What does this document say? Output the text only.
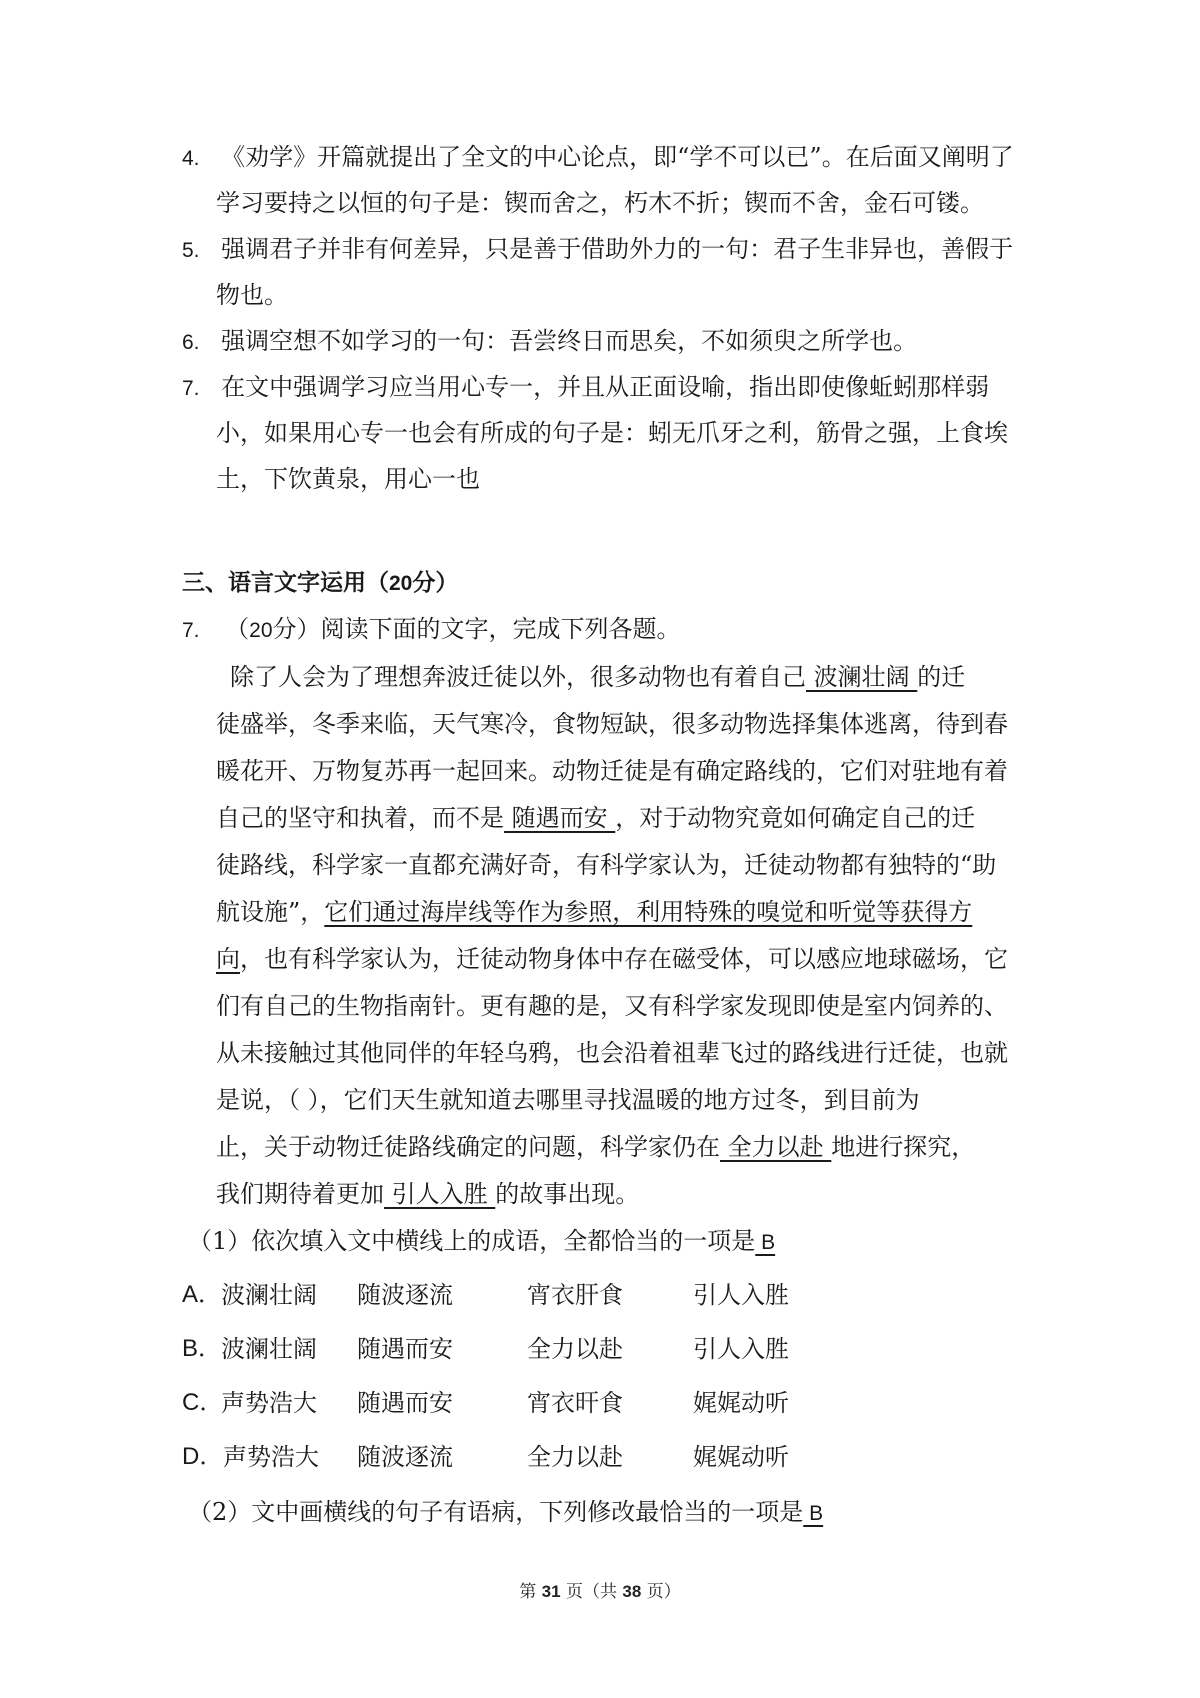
4. 《劝学》开篇就提出了全文的中心论点，即“学不可以已”。在后面又阐明了
学习要持之以恒的句子是：锲而舍之，朽木不折；锲而不舍，金石可镂。
5. 强调君子并非有何差异，只是善于借助外力的一句：君子生非异也，善假于
物也。
6. 强调空想不如学习的一句：吾尝终日而思矣，不如须臾之所学也。
7. 在文中强调学习应当用心专一，并且从正面设喻，指出即使像蚯蚓那样弱
小，如果用心专一也会有所成的句子是：蚓无爪牙之利，筋骨之强，上食埃
土，下饮黄泉，用心一也
三、语言文字运用（20分）
7. （20分）阅读下面的文字，完成下列各题。
除了人会为了理想奔波迁徒以外，很多动物也有着自己 波澜壮阔 的迁
徒盛举，冬季来临，天气寒冷，食物短缺，很多动物选择集体逃离，待到春
暖花开、万物复苏再一起回来。动物迁徒是有确定路线的，它们对驻地有着
自己的坚守和执着，而不是 随遇而安 ，对于动物究竟如何确定自己的迁
徒路线，科学家一直都充满好奇，有科学家认为，迁徒动物都有独特的“助
航设施”，它们通过海岸线等作为参照，利用特殊的嗅觉和听觉等获得方
向，也有科学家认为，迁徒动物身体中存在磁受体，可以感应地球磁场，它
们有自己的生物指南针。更有趣的是，又有科学家发现即使是室内饲养的、
从未接触过其他同伴的年轻乌鸦，也会沿着祖辈飞过的路线进行迁徒，也就
是说，（ ），它们天生就知道去哪里寻找温暖的地方过冬，到目前为
止，关于动物迁徒路线确定的问题，科学家仍在 全力以赴 地进行探究，
我们期待着更加 引人入胜 的故事出现。
（1）依次填入文中横线上的成语，全都恰当的一项是 B
A．
波澜壮阔 随波逐流	宵衣肝食	引人入胜
B．
波澜壮阔 随遇而安	全力以赴	引人入胜
C．
声势浩大 随遇而安	宵衣旰食	娓娓动听
D． 声势浩大 随波逐流	全力以赴	娓娓动听
（2）文中画横线的句子有语病，下列修改最恰当的一项是 B
第 31 页（共 38 页）
